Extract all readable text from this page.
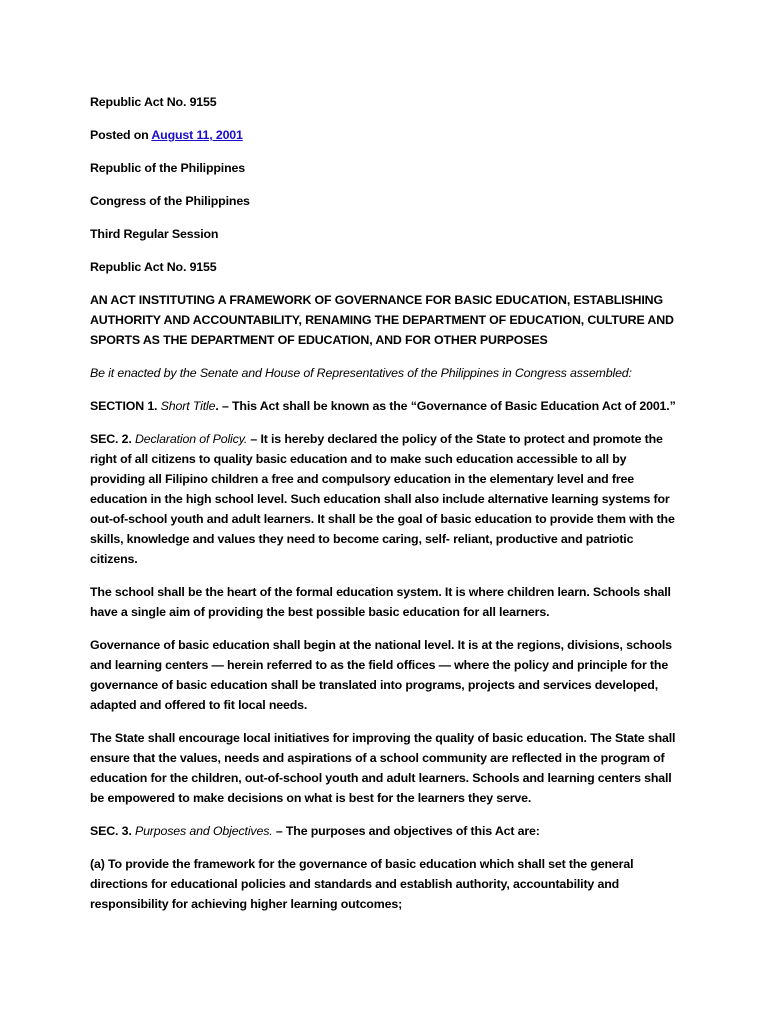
Republic Act No. 9155

Posted on August 11, 2001

Republic of the Philippines

Congress of the Philippines

Third Regular Session

Republic Act No. 9155

AN ACT INSTITUTING A FRAMEWORK OF GOVERNANCE FOR BASIC EDUCATION, ESTABLISHING AUTHORITY AND ACCOUNTABILITY, RENAMING THE DEPARTMENT OF EDUCATION, CULTURE AND SPORTS AS THE DEPARTMENT OF EDUCATION, AND FOR OTHER PURPOSES

Be it enacted by the Senate and House of Representatives of the Philippines in Congress assembled:

SECTION 1. Short Title. – This Act shall be known as the “Governance of Basic Education Act of 2001.”

SEC. 2. Declaration of Policy. – It is hereby declared the policy of the State to protect and promote the right of all citizens to quality basic education and to make such education accessible to all by providing all Filipino children a free and compulsory education in the elementary level and free education in the high school level. Such education shall also include alternative learning systems for out-of-school youth and adult learners. It shall be the goal of basic education to provide them with the skills, knowledge and values they need to become caring, self- reliant, productive and patriotic citizens.

The school shall be the heart of the formal education system. It is where children learn. Schools shall have a single aim of providing the best possible basic education for all learners.

Governance of basic education shall begin at the national level. It is at the regions, divisions, schools and learning centers — herein referred to as the field offices — where the policy and principle for the governance of basic education shall be translated into programs, projects and services developed, adapted and offered to fit local needs.

The State shall encourage local initiatives for improving the quality of basic education. The State shall ensure that the values, needs and aspirations of a school community are reflected in the program of education for the children, out-of-school youth and adult learners. Schools and learning centers shall be empowered to make decisions on what is best for the learners they serve.

SEC. 3. Purposes and Objectives. – The purposes and objectives of this Act are:

(a) To provide the framework for the governance of basic education which shall set the general directions for educational policies and standards and establish authority, accountability and responsibility for achieving higher learning outcomes;
